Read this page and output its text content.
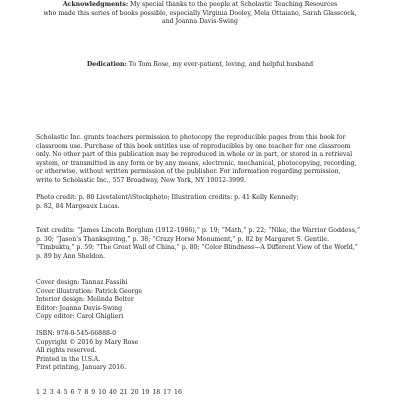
Acknowledgments: My special thanks to the people at Scholastic Teaching Resources
who made this series of books possible, especially Virginia Dooley, Mela Ottaiano, Sarah Glasscock,
and Joanna Davis-Swing
Dedication: To Tom Rose, my ever-patient, loving, and helpful husband
Scholastic Inc. grants teachers permission to photocopy the reproducible pages from this book for
classroom use. Purchase of this book entitles use of reproducibles by one teacher for one classroom
only. No other part of this publication may be reproduced in whole or in part, or stored in a retrieval
system, or transmitted in any form or by any means, electronic, mechanical, photocopying, recording,
or otherwise, without written permission of the publisher. For information regarding permission,
write to Scholastic Inc., 557 Broadway, New York, NY 10012-3999.
Photo credit: p. 80 Livetalent/iStockphoto; Illustration credits: p. 41 Kelly Kennedy;
p. 82, 84 Margeaux Lucas.
Text credits: “James Lincoln Borglum (1912–1986),” p. 19; “Math,” p. 22; “Nike, the Warrior Goddess,”
p. 30; “Jason’s Thanksgiving,” p. 38; “Crazy Horse Monument,” p. 82 by Margaret S. Gentile.
“Timbuktu,” p. 59; “The Great Wall of China,” p. 80; “Color Blindness—A Different View of the World,”
p. 89 by Ann Sheldon.
Cover design: Tannaz Fassihi
Cover illustration: Patrick George
Interior design: Melinda Belter
Editor: Joanna Davis-Swing
Copy editor: Carol Ghiglieri
ISBN: 978-0-545-66888-0
Copyright © 2016 by Mary Rose
All rights reserved.
Printed in the U.S.A.
First printing, January 2016.
1 2 3 4 5 6 7 8 9 10 40 21 20 19 18 17 16
